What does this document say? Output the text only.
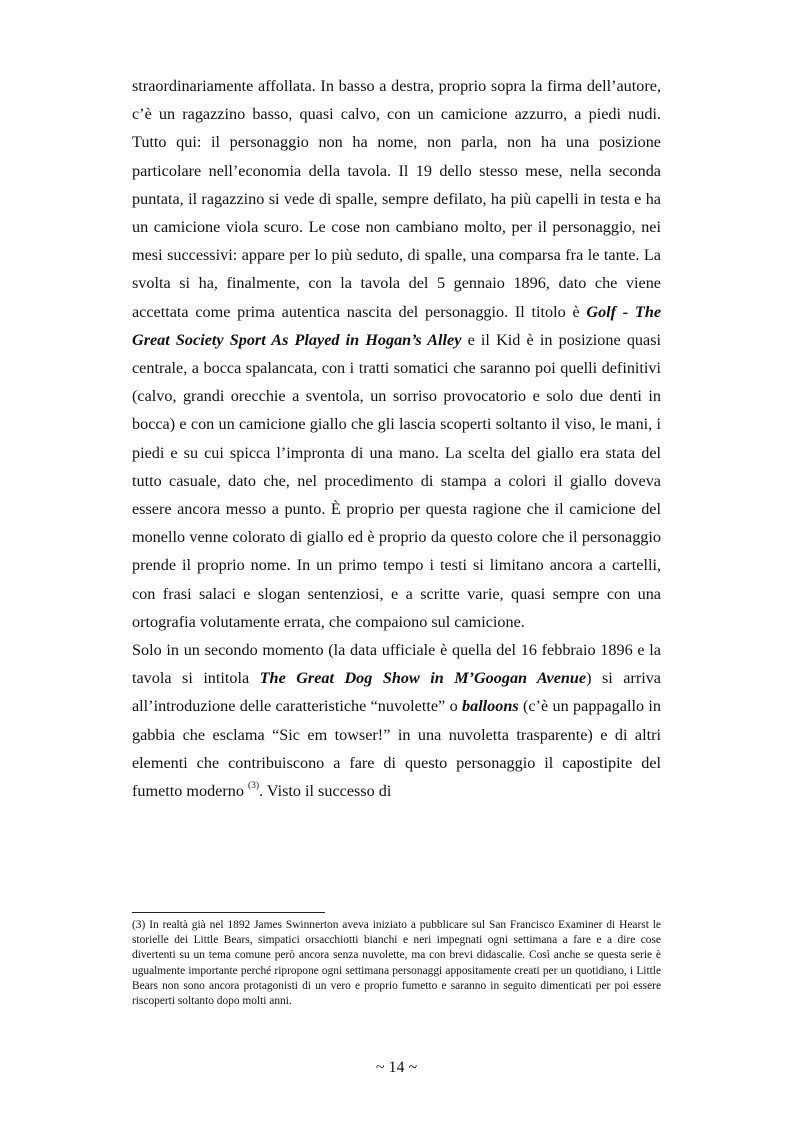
straordinariamente affollata. In basso a destra, proprio sopra la firma dell’autore, c’è un ragazzino basso, quasi calvo, con un camicione azzurro, a piedi nudi. Tutto qui: il personaggio non ha nome, non parla, non ha una posizione particolare nell’economia della tavola. Il 19 dello stesso mese, nella seconda puntata, il ragazzino si vede di spalle, sempre defilato, ha più capelli in testa e ha un camicione viola scuro. Le cose non cambiano molto, per il personaggio, nei mesi successivi: appare per lo più seduto, di spalle, una comparsa fra le tante. La svolta si ha, finalmente, con la tavola del 5 gennaio 1896, dato che viene accettata come prima autentica nascita del personaggio. Il titolo è Golf - The Great Society Sport As Played in Hogan’s Alley e il Kid è in posizione quasi centrale, a bocca spalancata, con i tratti somatici che saranno poi quelli definitivi (calvo, grandi orecchie a sventola, un sorriso provocatorio e solo due denti in bocca) e con un camicione giallo che gli lascia scoperti soltanto il viso, le mani, i piedi e su cui spicca l’impronta di una mano. La scelta del giallo era stata del tutto casuale, dato che, nel procedimento di stampa a colori il giallo doveva essere ancora messo a punto. È proprio per questa ragione che il camicione del monello venne colorato di giallo ed è proprio da questo colore che il personaggio prende il proprio nome. In un primo tempo i testi si limitano ancora a cartelli, con frasi salaci e slogan sentenziosi, e a scritte varie, quasi sempre con una ortografia volutamente errata, che compaiono sul camicione.

Solo in un secondo momento (la data ufficiale è quella del 16 febbraio 1896 e la tavola si intitola The Great Dog Show in M’Googan Avenue) si arriva all’introduzione delle caratteristiche “nuvolette” o balloons (c’è un pappagallo in gabbia che esclama “Sic em towser!” in una nuvoletta trasparente) e di altri elementi che contribuiscono a fare di questo personaggio il capostipite del fumetto moderno $^{(3)}$. Visto il successo di

(3) In realtà già nel 1892 James Swinnerton aveva iniziato a pubblicare sul San Francisco Examiner di Hearst le storielle dei Little Bears, simpatici orsacchiotti bianchi e neri impegnati ogni settimana a fare e a dire cose divertenti su un tema comune però ancora senza nuvolette, ma con brevi didascalie. Così anche se questa serie è ugualmente importante perché ripropone ogni settimana personaggi appositamente creati per un quotidiano, i Little Bears non sono ancora protagonisti di un vero e proprio fumetto e saranno in seguito dimenticati per poi essere riscoperti soltanto dopo molti anni.

~ 14 ~
